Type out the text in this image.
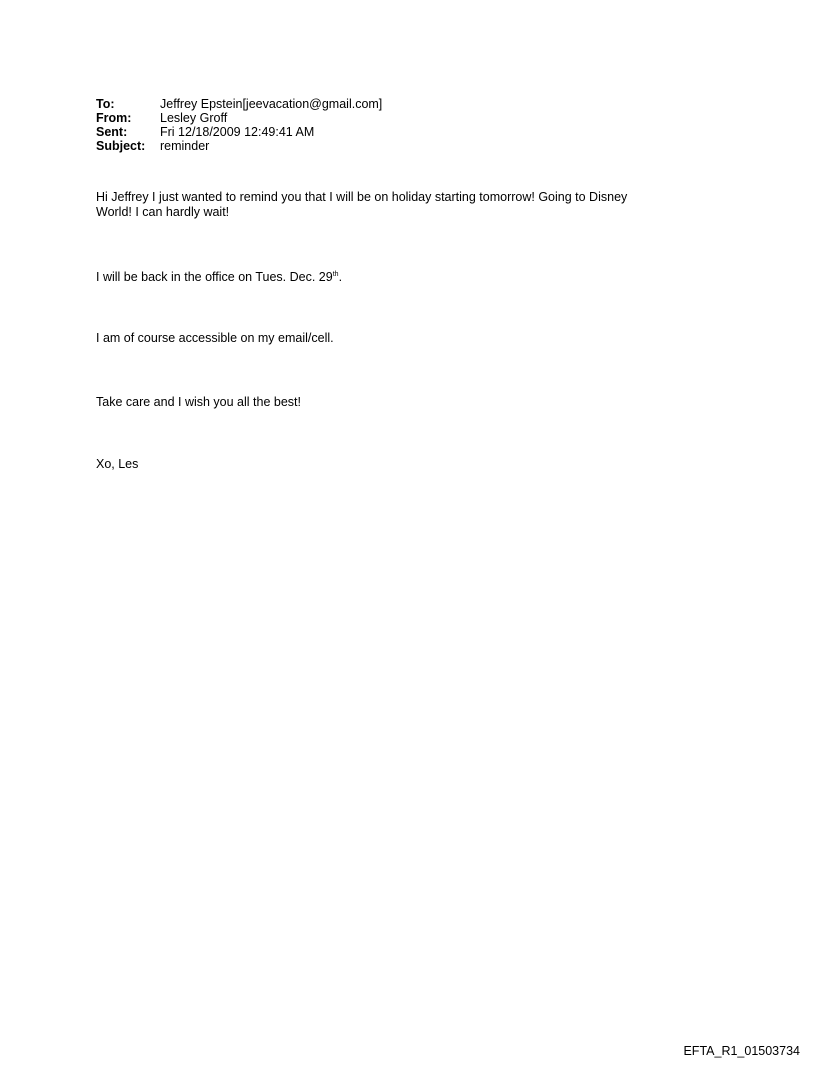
To:	Jeffrey Epstein[jeevacation@gmail.com]
From:	Lesley Groff
Sent:	Fri 12/18/2009 12:49:41 AM
Subject:	reminder

Hi Jeffrey I just wanted to remind you that I will be on holiday starting tomorrow! Going to Disney
World! I can hardly wait!

I will be back in the office on Tues. Dec. 29th.

I am of course accessible on my email/cell.

Take care and I wish you all the best!

Xo, Les

EFTA_R1_01503734
